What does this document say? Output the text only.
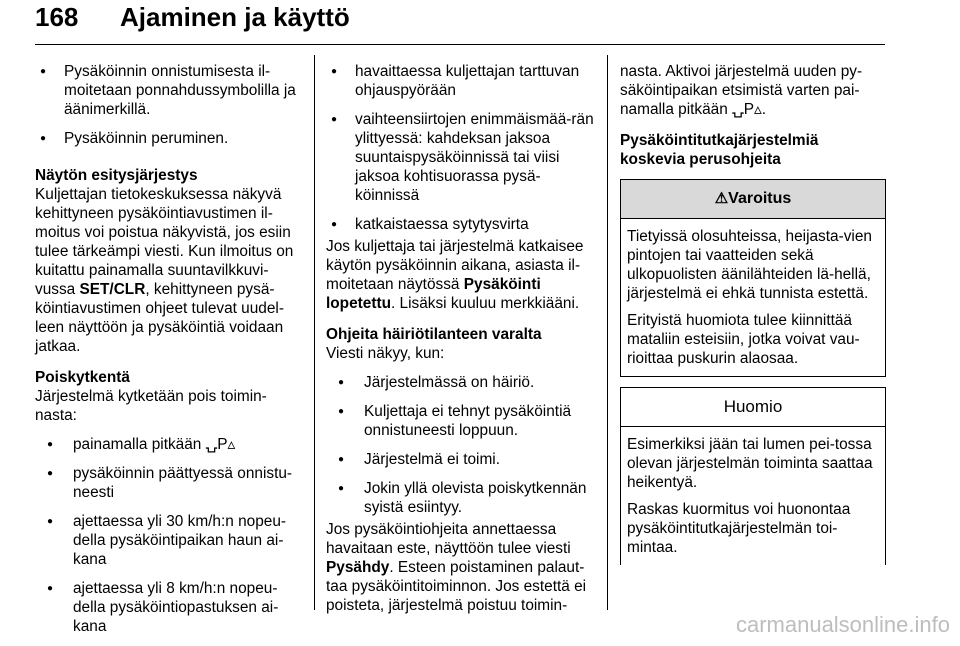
168 Ajaminen ja käyttö
● Pysäköinnin onnistumisesta il-moitetaan ponnahdussymbolilla ja äänimerkillä.
● Pysäköinnin peruminen.

Näytön esitysjärjestys

Kuljettajan tietokeskuksessa näkyvä kehittyneen pysäköintiavustimen il-moitus voi poistua näkyvistä, jos esiin tulee tärkeämpi viesti. Kun ilmoitus on kuitattu painamalla suuntavilkkuvi-vussa SET/CLR, kehittyneen pysä-köintiavustimen ohjeet tulevat uudel-leen näyttöön ja pysäköintiä voidaan jatkaa.

Poiskytkentä

Järjestelmä kytketään pois toimin-nasta:

● painamalla pitkään ⍽P▵
● pysäköinnin päättyessä onnistu-neesti
● ajettaessa yli 30 km/h:n nopeu-della pysäköintipaikan haun ai-kana
● ajettaessa yli 8 km/h:n nopeu-della pysäköintiopastuksen ai-kana
● havaittaessa kuljettajan tarttuvan ohjauspyörään
● vaihteensiirtojen enimmäismää-rän ylittyessä: kahdeksan jaksoa suuntaispysäköinnissä tai viisi jaksoa kohtisuorassa pysä-köinnissä
● katkaistaessa sytytysvirta

Jos kuljettaja tai järjestelmä katkaisee käytön pysäköinnin aikana, asiasta il-moitetaan näytössä Pysäköinti lopetettu. Lisäksi kuuluu merkkiääni.

Ohjeita häiriötilanteen varalta

Viesti näkyy, kun:

● Järjestelmässä on häiriö.
● Kuljettaja ei tehnyt pysäköintiä onnistuneesti loppuun.
● Järjestelmä ei toimi.
● Jokin yllä olevista poiskytkennän syistä esiintyy.

Jos pysäköintiohjeita annettaessa havaitaan este, näyttöön tulee viesti Pysähdy. Esteen poistaminen palaut-taa pysäköintitoiminnon. Jos estettä ei poisteta, järjestelmä poistuu toimin-

nasta. Aktivoi järjestelmä uuden py-säköintipaikan etsimistä varten pai-namalla pitkään ⍽P▵.

Pysäköintitutkajärjestelmiä koskevia perusohjeita

⚠Varoitus

Tietyissä olosuhteissa, heijasta-vien pintojen tai vaatteiden sekä ulkopuolisten äänilähteiden lä-hellä, järjestelmä ei ehkä tunnista estettä.

Erityistä huomiota tulee kiinnittää mataliin esteisiin, jotka voivat vau-rioittaa puskurin alaosaa.

Huomio

Esimerkiksi jään tai lumen pei-tossa olevan järjestelmän toiminta saattaa heikentyä.

Raskas kuormitus voi huonontaa pysäköintitutkajärjestelmän toi-mintaa.

carmanualsonline.info
